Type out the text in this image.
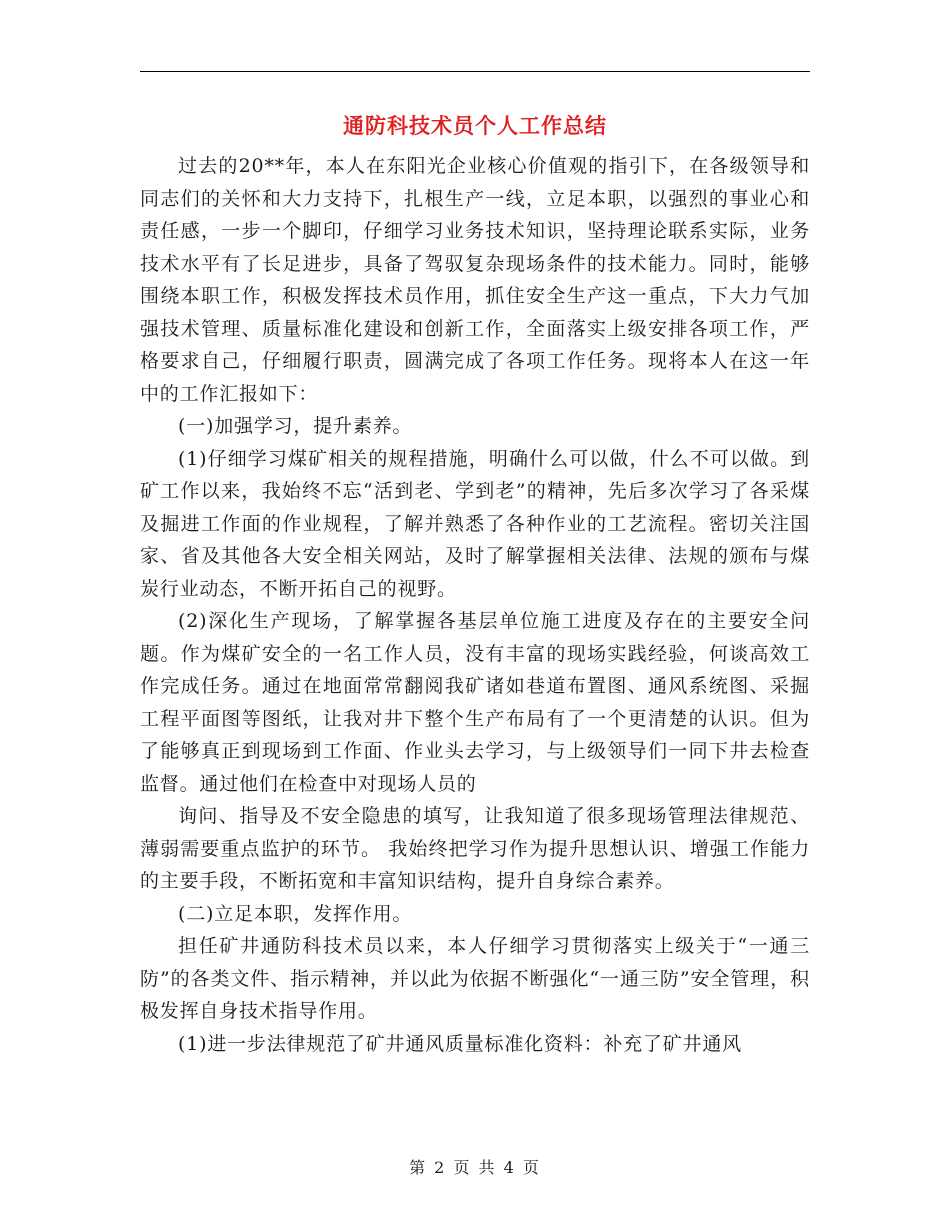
通防科技术员个人工作总结

过去的20**年，本人在东阳光企业核心价值观的指引下，在各级领导和同志们的关怀和大力支持下，扎根生产一线，立足本职，以强烈的事业心和责任感，一步一个脚印，仔细学习业务技术知识，坚持理论联系实际，业务技术水平有了长足进步，具备了驾驭复杂现场条件的技术能力。同时，能够围绕本职工作，积极发挥技术员作用，抓住安全生产这一重点，下大力气加强技术管理、质量标准化建设和创新工作，全面落实上级安排各项工作，严格要求自己，仔细履行职责，圆满完成了各项工作任务。现将本人在这一年中的工作汇报如下：

(一)加强学习，提升素养。

(1)仔细学习煤矿相关的规程措施，明确什么可以做，什么不可以做。到矿工作以来，我始终不忘“活到老、学到老”的精神，先后多次学习了各采煤及掘进工作面的作业规程，了解并熟悉了各种作业的工艺流程。密切关注国家、省及其他各大安全相关网站，及时了解掌握相关法律、法规的颁布与煤炭行业动态，不断开拓自己的视野。

(2)深化生产现场，了解掌握各基层单位施工进度及存在的主要安全问题。作为煤矿安全的一名工作人员，没有丰富的现场实践经验，何谈高效工作完成任务。通过在地面常常翻阅我矿诸如巷道布置图、通风系统图、采掘工程平面图等图纸，让我对井下整个生产布局有了一个更清楚的认识。但为了能够真正到现场到工作面、作业头去学习，与上级领导们一同下井去检查监督。通过他们在检查中对现场人员的

询问、指导及不安全隐患的填写，让我知道了很多现场管理法律规范、薄弱需要重点监护的环节。 我始终把学习作为提升思想认识、增强工作能力的主要手段，不断拓宽和丰富知识结构，提升自身综合素养。

(二)立足本职，发挥作用。

担任矿井通防科技术员以来，本人仔细学习贯彻落实上级关于“一通三防”的各类文件、指示精神，并以此为依据不断强化“一通三防”安全管理，积极发挥自身技术指导作用。

(1)进一步法律规范了矿井通风质量标准化资料：补充了矿井通风

第 2 页 共 4 页
